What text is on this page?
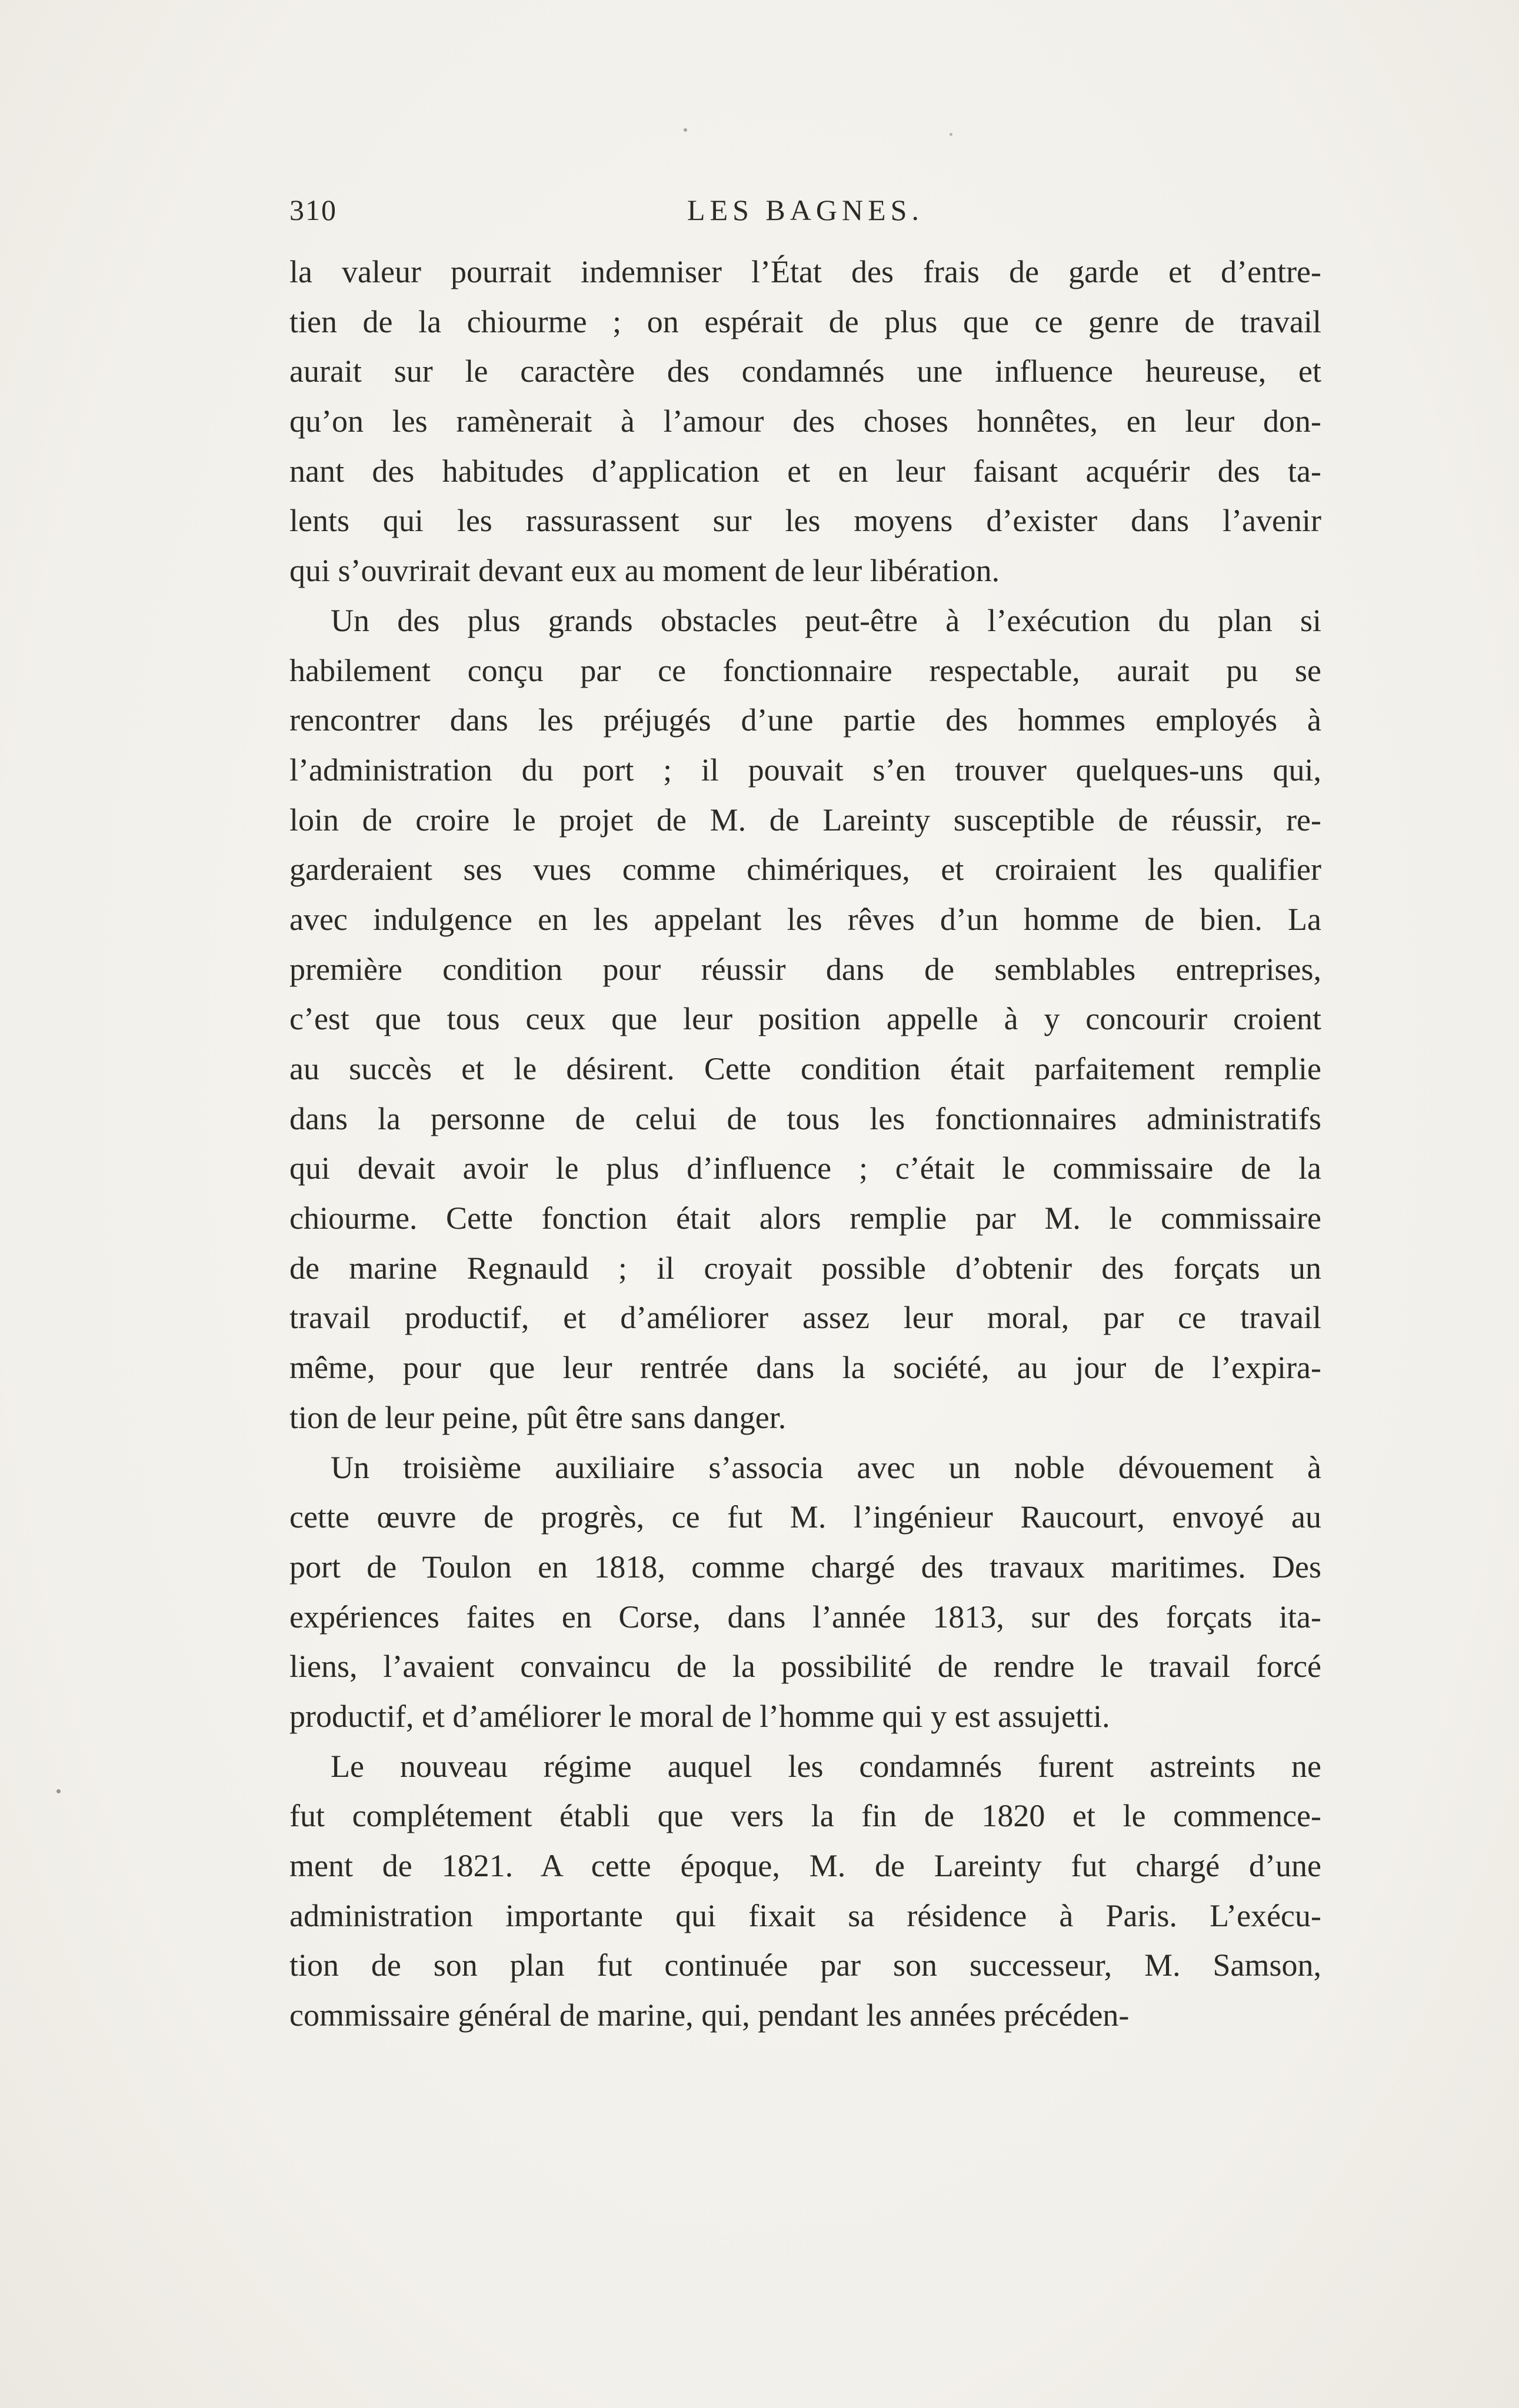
310	LES BAGNES.
la valeur pourrait indemniser l’État des frais de garde et d’entre-
tien de la chiourme ; on espérait de plus que ce genre de travail
aurait sur le caractère des condamnés une influence heureuse, et
qu’on les ramènerait à l’amour des choses honnêtes, en leur don-
nant des habitudes d’application et en leur faisant acquérir des ta-
lents qui les rassurassent sur les moyens d’exister dans l’avenir
qui s’ouvrirait devant eux au moment de leur libération.
Un des plus grands obstacles peut-être à l’exécution du plan si
habilement conçu par ce fonctionnaire respectable, aurait pu se
rencontrer dans les préjugés d’une partie des hommes employés à
l’administration du port ; il pouvait s’en trouver quelques-uns qui,
loin de croire le projet de M. de Lareinty susceptible de réussir, re-
garderaient ses vues comme chimériques, et croiraient les qualifier
avec indulgence en les appelant les rêves d’un homme de bien. La
première condition pour réussir dans de semblables entreprises,
c’est que tous ceux que leur position appelle à y concourir croient
au succès et le désirent. Cette condition était parfaitement remplie
dans la personne de celui de tous les fonctionnaires administratifs
qui devait avoir le plus d’influence ; c’était le commissaire de la
chiourme. Cette fonction était alors remplie par M. le commissaire
de marine Regnauld ; il croyait possible d’obtenir des forçats un
travail productif, et d’améliorer assez leur moral, par ce travail
même, pour que leur rentrée dans la société, au jour de l’expira-
tion de leur peine, pût être sans danger.
Un troisième auxiliaire s’associa avec un noble dévouement à
cette œuvre de progrès, ce fut M. l’ingénieur Raucourt, envoyé au
port de Toulon en 1818, comme chargé des travaux maritimes. Des
expériences faites en Corse, dans l’année 1813, sur des forçats ita-
liens, l’avaient convaincu de la possibilité de rendre le travail forcé
productif, et d’améliorer le moral de l’homme qui y est assujetti.
Le nouveau régime auquel les condamnés furent astreints ne
fut complétement établi que vers la fin de 1820 et le commence-
ment de 1821. A cette époque, M. de Lareinty fut chargé d’une
administration importante qui fixait sa résidence à Paris. L’exécu-
tion de son plan fut continuée par son successeur, M. Samson,
commissaire général de marine, qui, pendant les années précéden-
